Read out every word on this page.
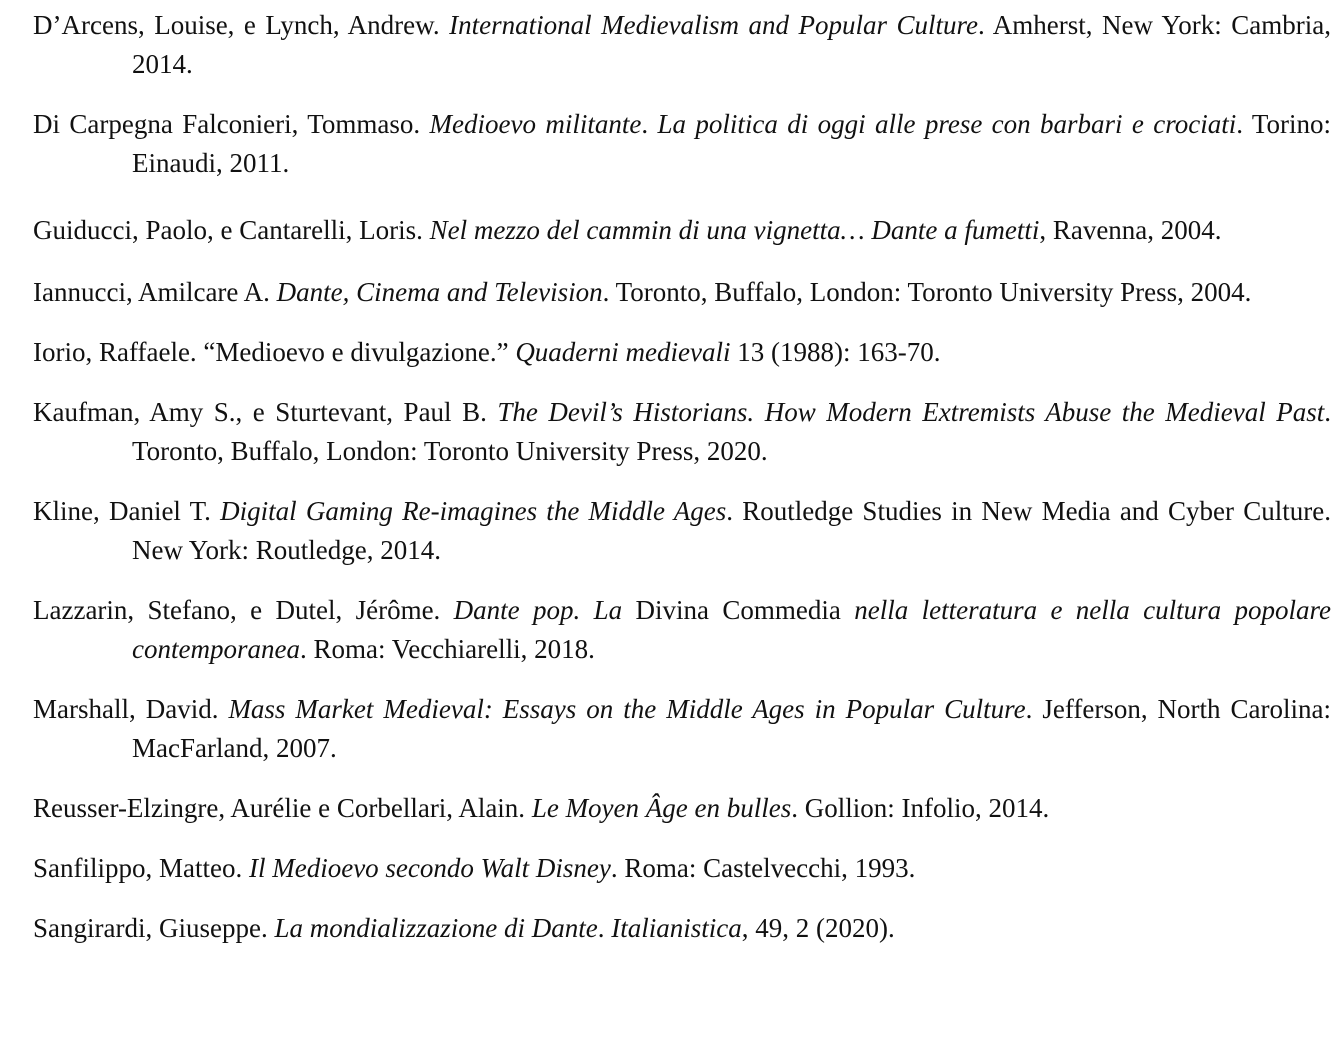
D’Arcens, Louise, e Lynch, Andrew. International Medievalism and Popular Culture. Amherst, New York: Cambria, 2014.

Di Carpegna Falconieri, Tommaso. Medioevo militante. La politica di oggi alle prese con barbari e crociati. Torino: Einaudi, 2011.

Guiducci, Paolo, e Cantarelli, Loris. Nel mezzo del cammin di una vignetta… Dante a fumetti, Ravenna, 2004.

Iannucci, Amilcare A. Dante, Cinema and Television. Toronto, Buffalo, London: Toronto University Press, 2004.

Iorio, Raffaele. “Medioevo e divulgazione.” Quaderni medievali 13 (1988): 163-70.

Kaufman, Amy S., e Sturtevant, Paul B. The Devil’s Historians. How Modern Extremists Abuse the Medieval Past. Toronto, Buffalo, London: Toronto University Press, 2020.

Kline, Daniel T. Digital Gaming Re-imagines the Middle Ages. Routledge Studies in New Media and Cyber Culture. New York: Routledge, 2014.

Lazzarin, Stefano, e Dutel, Jérôme. Dante pop. La Divina Commedia nella letteratura e nella cultura popolare contemporanea. Roma: Vecchiarelli, 2018.

Marshall, David. Mass Market Medieval: Essays on the Middle Ages in Popular Culture. Jefferson, North Carolina: MacFarland, 2007.

Reusser-Elzingre, Aurélie e Corbellari, Alain. Le Moyen Âge en bulles. Gollion: Infolio, 2014.

Sanfilippo, Matteo. Il Medioevo secondo Walt Disney. Roma: Castelvecchi, 1993.

Sangirardi, Giuseppe. La mondializzazione di Dante. Italianistica, 49, 2 (2020).
